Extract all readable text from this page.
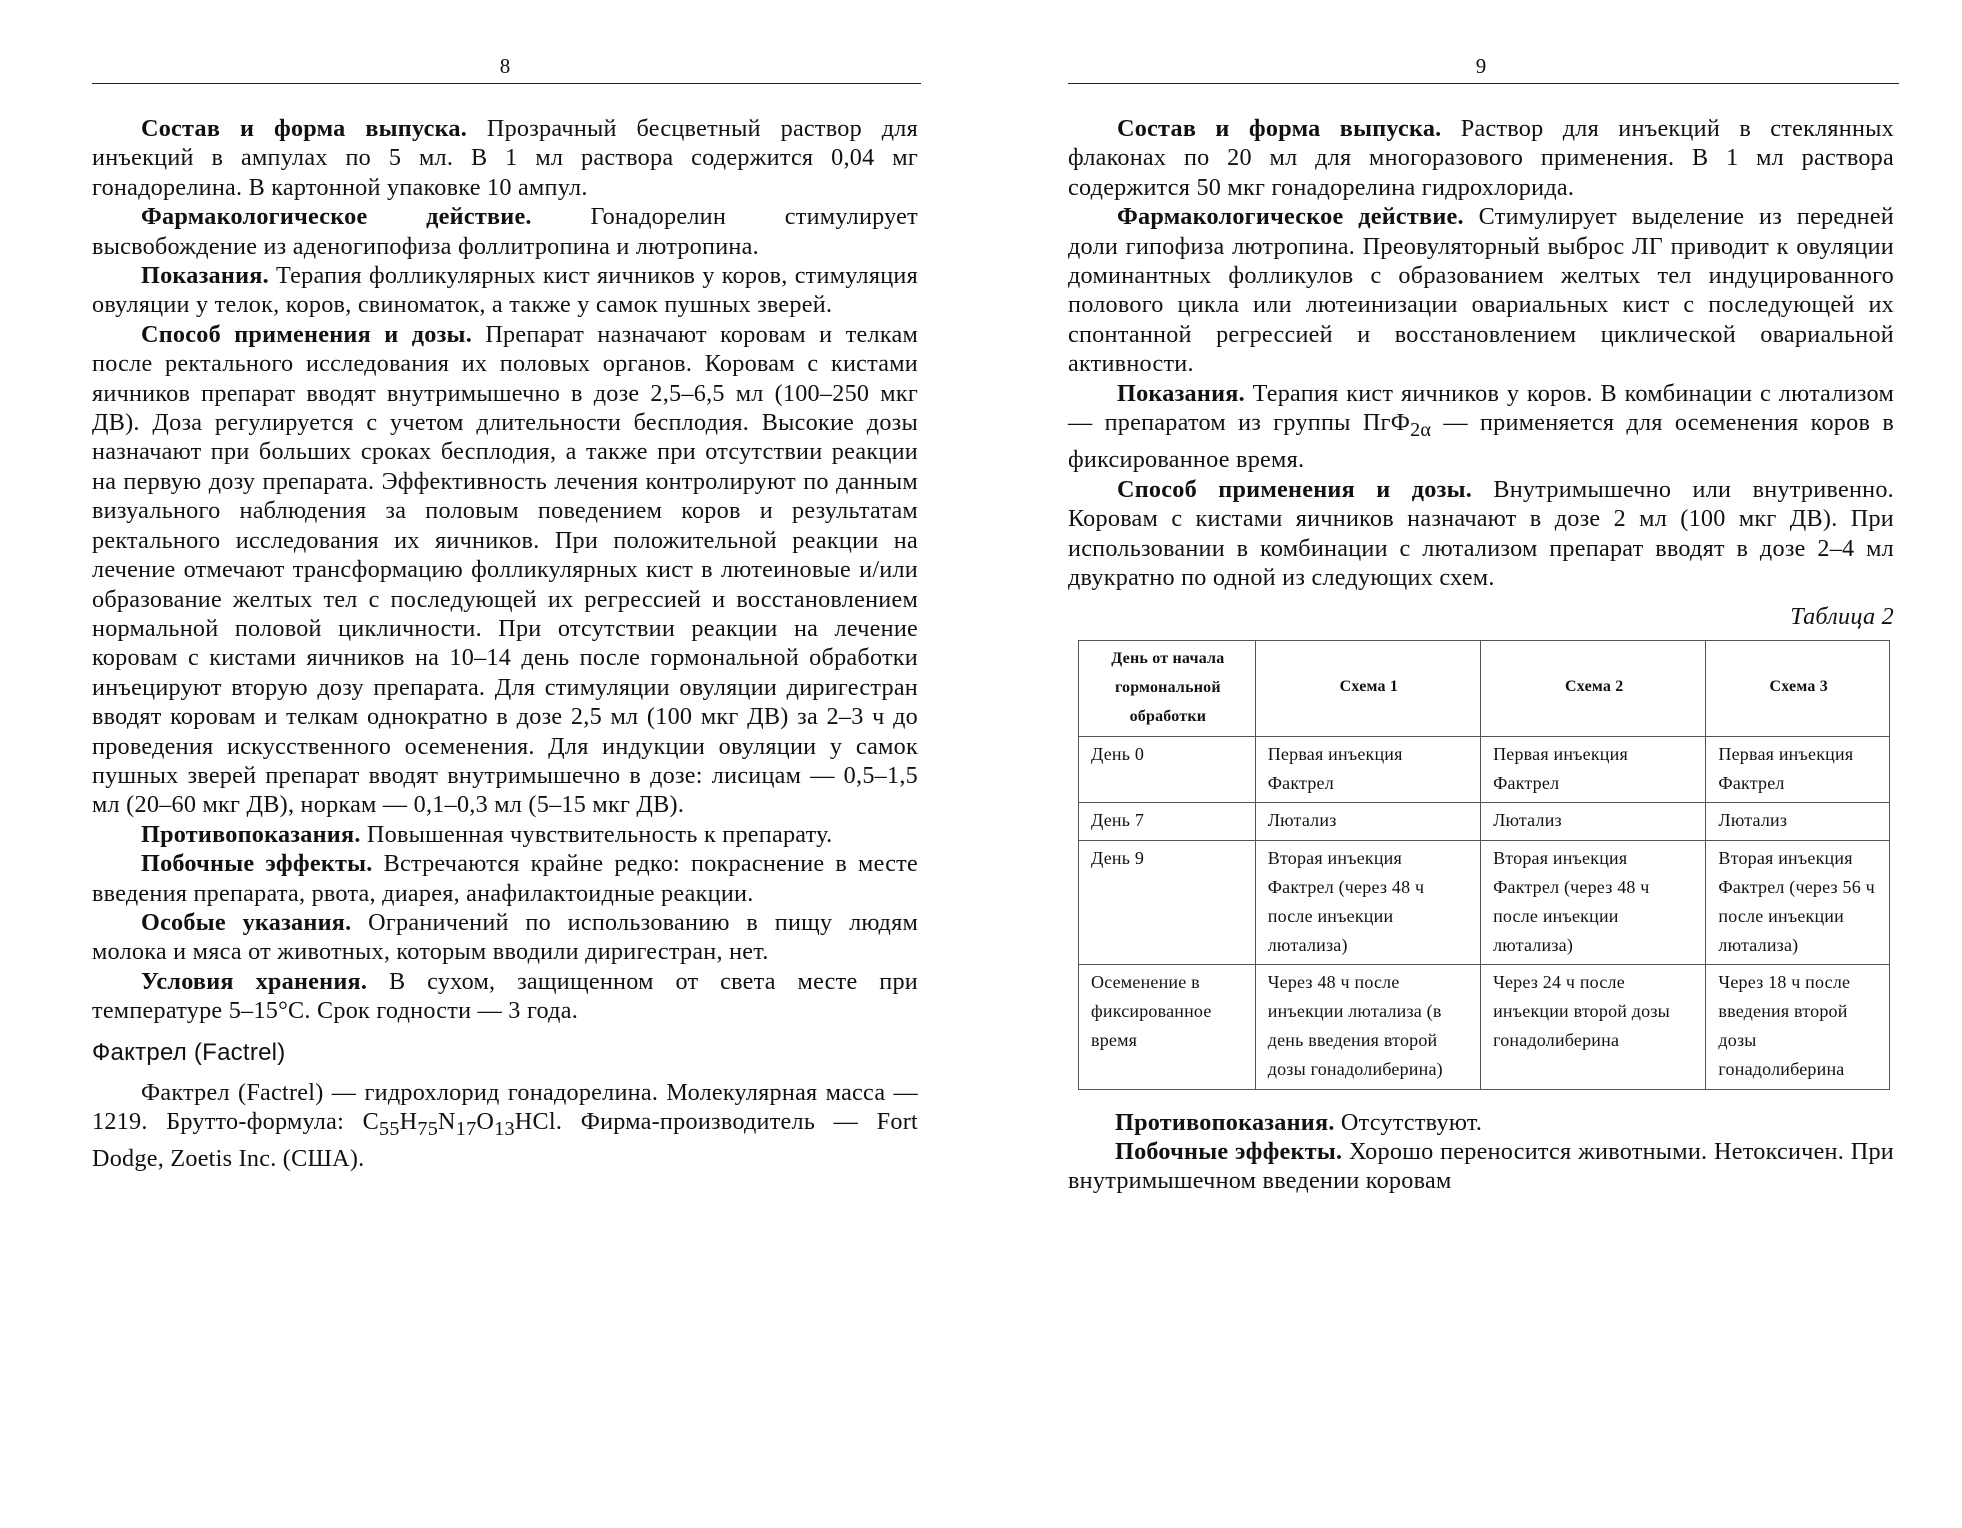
8

Состав и форма выпуска. Прозрачный бесцветный раствор для инъекций в ампулах по 5 мл. В 1 мл раствора содержится 0,04 мг гонадорелина. В картонной упаковке 10 ампул.

Фармакологическое действие. Гонадорелин стимулирует высвобождение из аденогипофиза фоллитропина и лютропина.

Показания. Терапия фолликулярных кист яичников у коров, стимуляция овуляции у телок, коров, свиноматок, а также у самок пушных зверей.

Способ применения и дозы. Препарат назначают коровам и телкам после ректального исследования их половых органов. Коровам с кистами яичников препарат вводят внутримышечно в дозе 2,5–6,5 мл (100–250 мкг ДВ). Доза регулируется с учетом длительности бесплодия. Высокие дозы назначают при больших сроках бесплодия, а также при отсутствии реакции на первую дозу препарата. Эффективность лечения контролируют по данным визуального наблюдения за половым поведением коров и результатам ректального исследования их яичников. При положительной реакции на лечение отмечают трансформацию фолликулярных кист в лютеиновые и/или образование желтых тел с последующей их регрессией и восстановлением нормальной половой цикличности. При отсутствии реакции на лечение коровам с кистами яичников на 10–14 день после гормональной обработки инъецируют вторую дозу препарата. Для стимуляции овуляции диригестран вводят коровам и телкам однократно в дозе 2,5 мл (100 мкг ДВ) за 2–3 ч до проведения искусственного осеменения. Для индукции овуляции у самок пушных зверей препарат вводят внутримышечно в дозе: лисицам — 0,5–1,5 мл (20–60 мкг ДВ), норкам — 0,1–0,3 мл (5–15 мкг ДВ).

Противопоказания. Повышенная чувствительность к препарату.

Побочные эффекты. Встречаются крайне редко: покраснение в месте введения препарата, рвота, диарея, анафилактоидные реакции.

Особые указания. Ограничений по использованию в пищу людям молока и мяса от животных, которым вводили диригестран, нет.

Условия хранения. В сухом, защищенном от света месте при температуре 5–15°С. Срок годности — 3 года.

Фактрел (Factrel)

Фактрел (Factrel) — гидрохлорид гонадорелина. Молекулярная масса — 1219. Брутто-формула: $C_{55}H_{75}N_{17}O_{13}HCl$. Фирма-производитель — Fort Dodge, Zoetis Inc. (США).

9

Состав и форма выпуска. Раствор для инъекций в стеклянных флаконах по 20 мл для многоразового применения. В 1 мл раствора содержится 50 мкг гонадорелина гидрохлорида.

Фармакологическое действие. Стимулирует выделение из передней доли гипофиза лютропина. Преовуляторный выброс ЛГ приводит к овуляции доминантных фолликулов с образованием желтых тел индуцированного полового цикла или лютеинизации овариальных кист с последующей их спонтанной регрессией и восстановлением циклической овариальной активности.

Показания. Терапия кист яичников у коров. В комбинации с лютализом — препаратом из группы ПгФ$_{2\alpha}$ — применяется для осеменения коров в фиксированное время.

Способ применения и дозы. Внутримышечно или внутривенно. Коровам с кистами яичников назначают в дозе 2 мл (100 мкг ДВ). При использовании в комбинации с лютализом препарат вводят в дозе 2–4 мл двукратно по одной из следующих схем.

Таблица 2

День от начала гормональной обработки	Схема 1	Схема 2	Схема 3
День 0	Первая инъекция Фактрел	Первая инъекция Фактрел	Первая инъекция Фактрел
День 7	Лютализ	Лютализ	Лютализ
День 9	Вторая инъекция Фактрел (через 48 ч после инъекции лютализа)	Вторая инъекция Фактрел (через 48 ч после инъекции лютализа)	Вторая инъекция Фактрел (через 56 ч после инъекции лютализа)
Осеменение в фиксированное время	Через 48 ч после инъекции лютализа (в день введения второй дозы гонадолиберина)	Через 24 ч после инъекции второй дозы гонадолиберина	Через 18 ч после введения второй дозы гонадолиберина

Противопоказания. Отсутствуют.

Побочные эффекты. Хорошо переносится животными. Нетоксичен. При внутримышечном введении коровам
